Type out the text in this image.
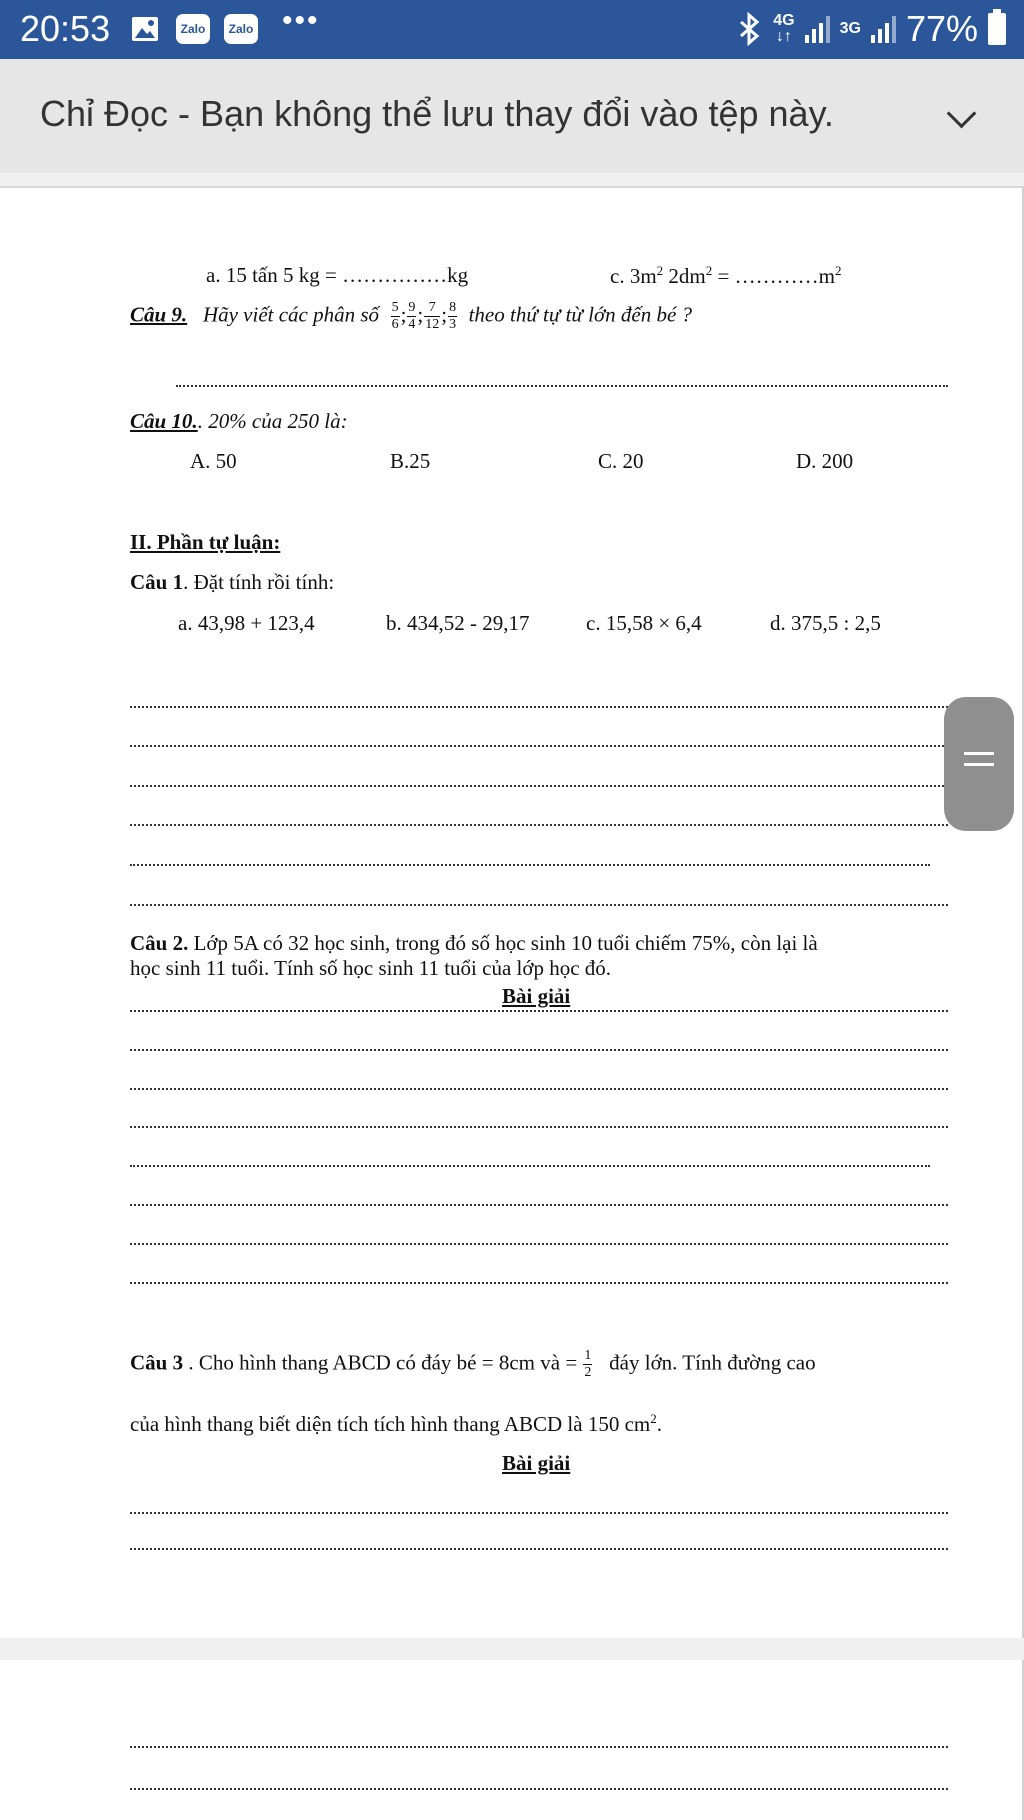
20:53	Zalo	Zalo •••	4G
↓↑	3G 77%
Chỉ Đọc - Bạn không thể lưu thay đổi vào tệp này.
a. 15 tấn 5 kg = ……………kg	c. $3m^2$ $2dm^2$ = $\dots\dots\dots\dots m^2$
Câu 9. Hãy viết các phân số $\frac{5}{6}$ ; $\frac{9}{4}$ ; $\frac{7}{12}$ ; $\frac{8}{3}$ theo thứ tự từ lớn đến bé ?
Câu 10.. 20% của 250 là:
A. 50	B.25	C. 20	D. 200
II. Phần tự luận:
Câu 1. Đặt tính rồi tính:
a. 43,98 + 123,4	b. 434,52 - 29,17	c. 15,58 × 6,4	d. 375,5 : 2,5
Câu 2. Lớp 5A có 32 học sinh, trong đó số học sinh 10 tuổi chiếm 75%, còn lại là
học sinh 11 tuổi. Tính số học sinh 11 tuổi của lớp học đó.
Bài giải
Câu 3 . Cho hình thang ABCD có đáy bé = 8cm và = $\frac{1}{2}$ đáy lớn. Tính đường cao
của hình thang biết diện tích tích hình thang ABCD là 150 $cm^2$.
Bài giải
